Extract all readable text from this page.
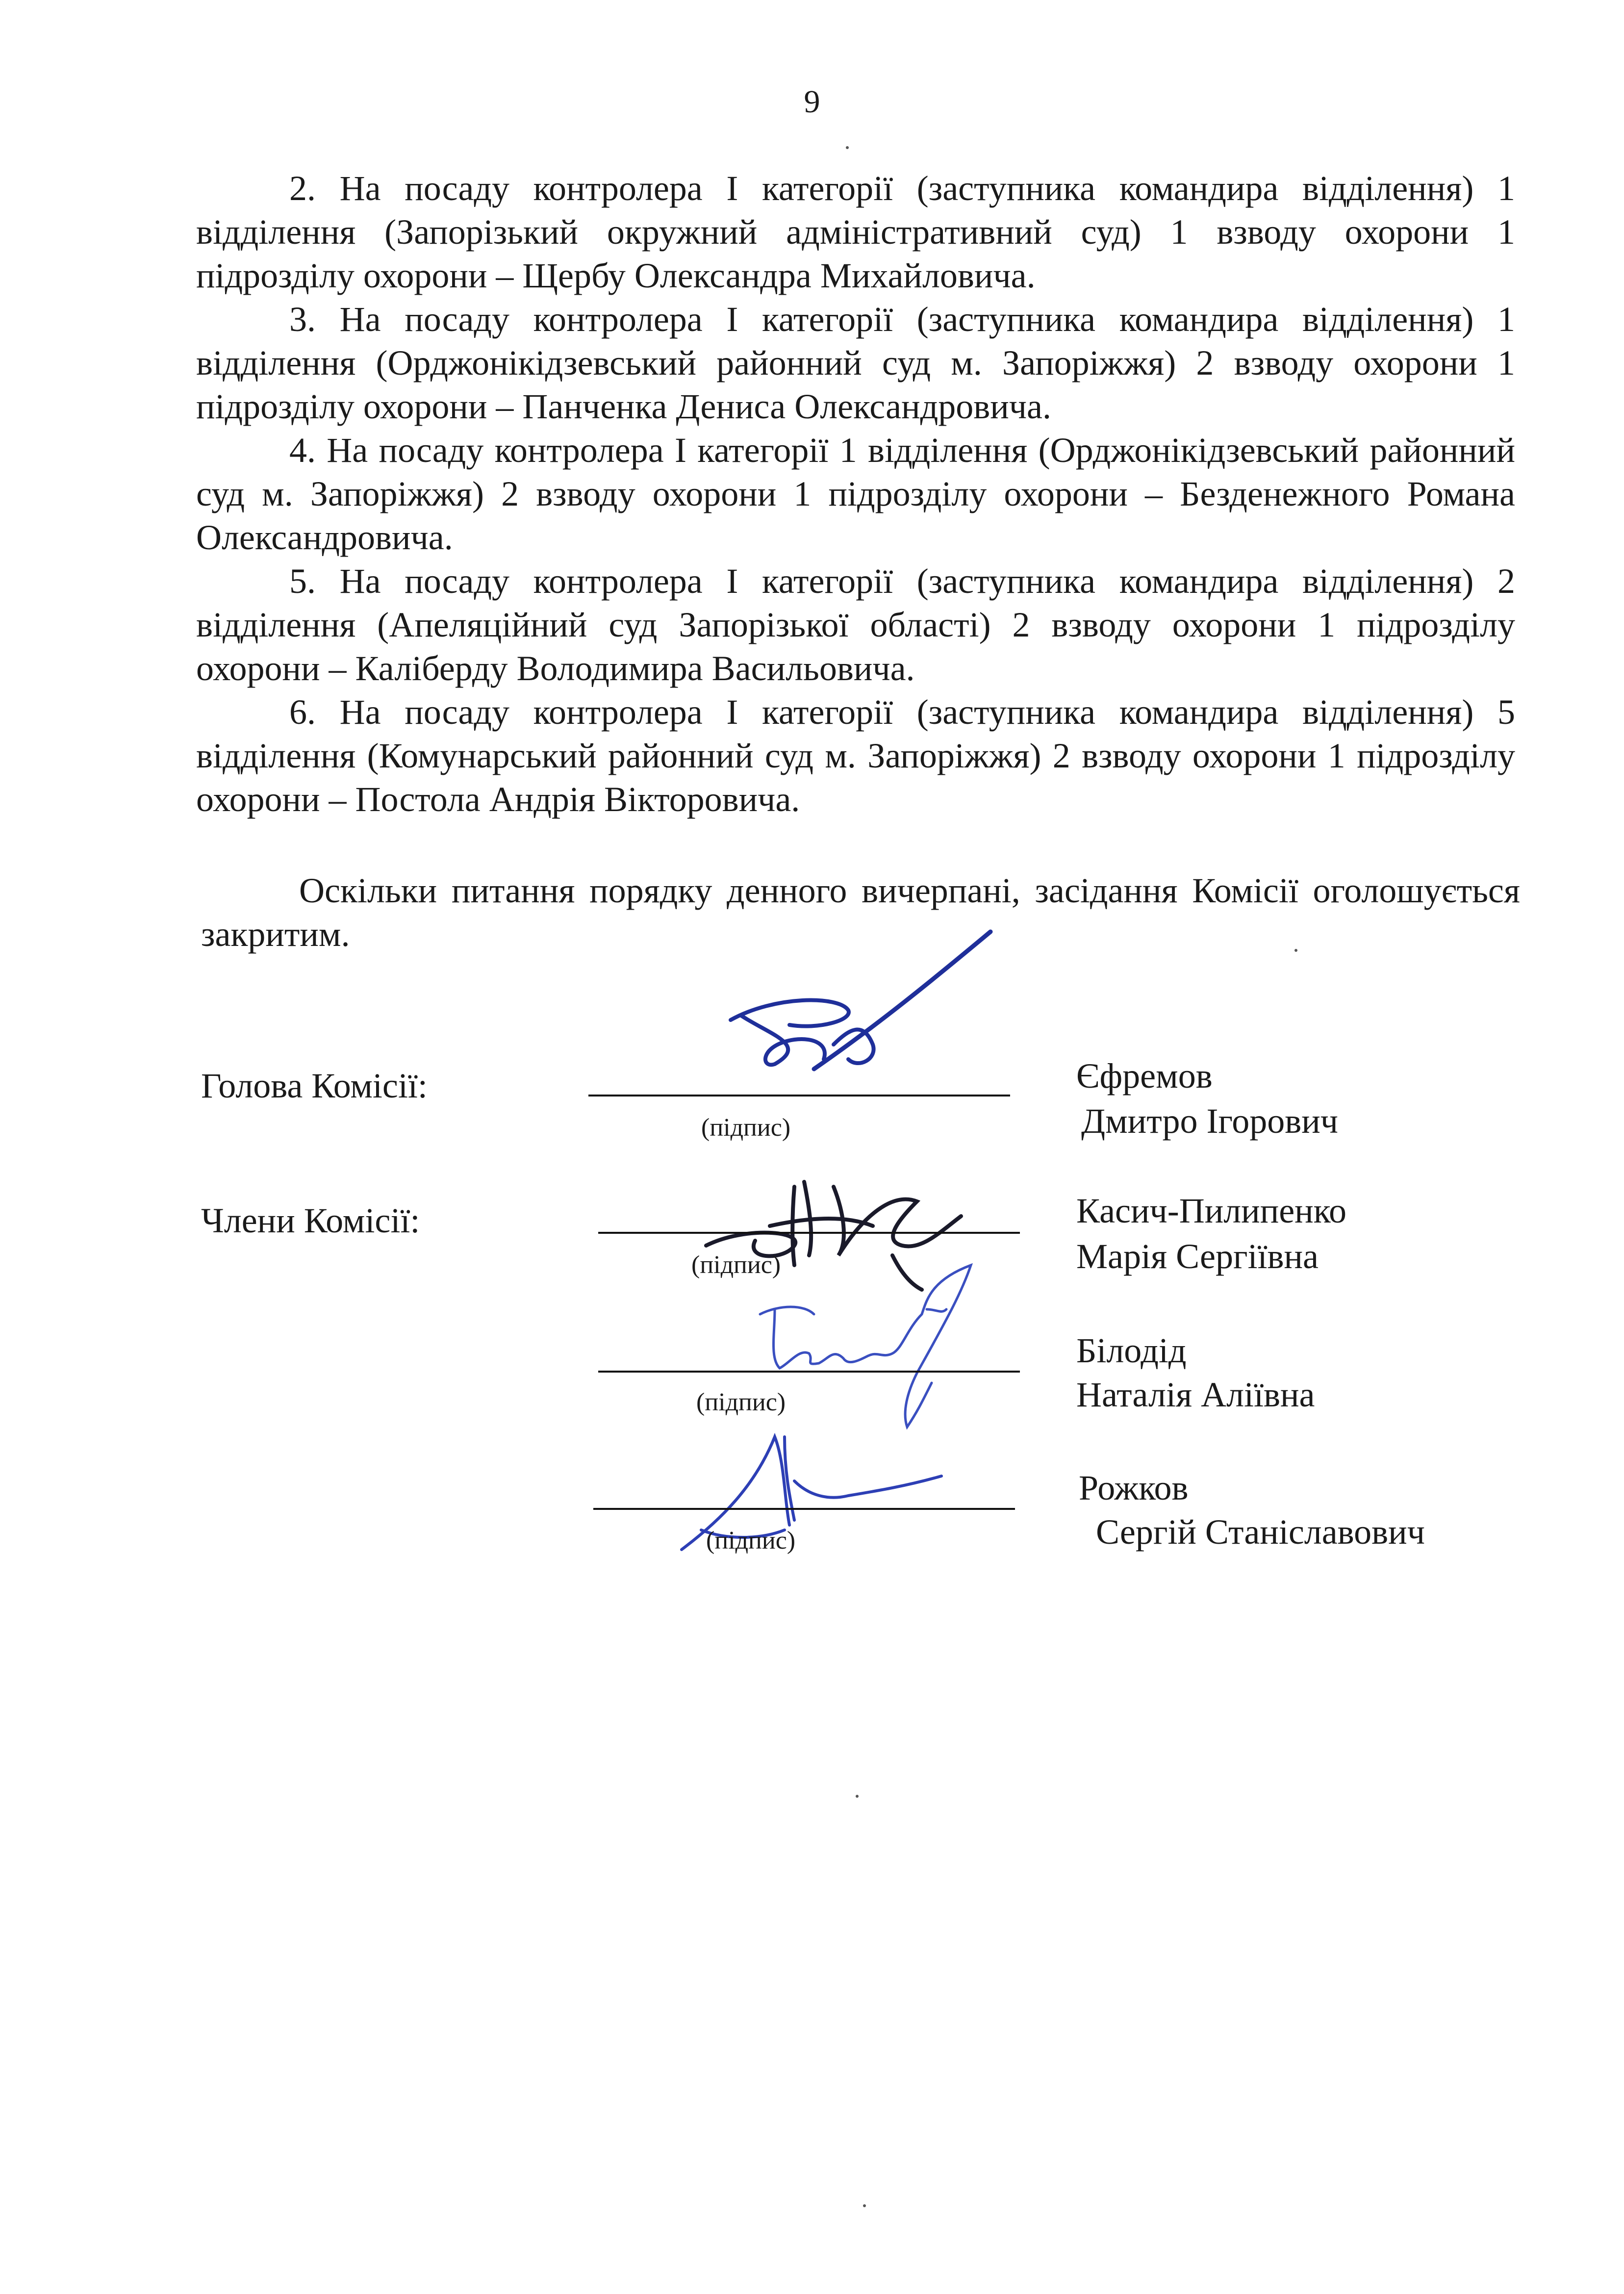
9

2. На посаду контролера І категорії (заступника командира відділення) 1 відділення (Запорізький окружний адміністративний суд) 1 взводу охорони 1 підрозділу охорони – Щербу Олександра Михайловича.

3. На посаду контролера І категорії (заступника командира відділення) 1 відділення (Орджонікідзевський районний суд м. Запоріжжя) 2 взводу охорони 1 підрозділу охорони – Панченка Дениса Олександровича.

4. На посаду контролера І категорії 1 відділення (Орджонікідзевський районний суд м. Запоріжжя) 2 взводу охорони 1 підрозділу охорони – Безденежного Романа Олександровича.

5. На посаду контролера І категорії (заступника командира відділення) 2 відділення (Апеляційний суд Запорізької області) 2 взводу охорони 1 підрозділу охорони – Каліберду Володимира Васильовича.

6. На посаду контролера І категорії (заступника командира відділення) 5 відділення (Комунарський районний суд м. Запоріжжя) 2 взводу охорони 1 підрозділу охорони – Постола Андрія Вікторовича.

Оскільки питання порядку денного вичерпані, засідання Комісії оголошується закритим.

Голова Комісії:
(підпис)
Єфремов
Дмитро Ігорович
Члени Комісії:
(підпис)
Касич-Пилипенко
Марія Сергіївна
(підпис)
Білодід
Наталія Аліївна
(підпис)
Рожков
Сергій Станіславович
